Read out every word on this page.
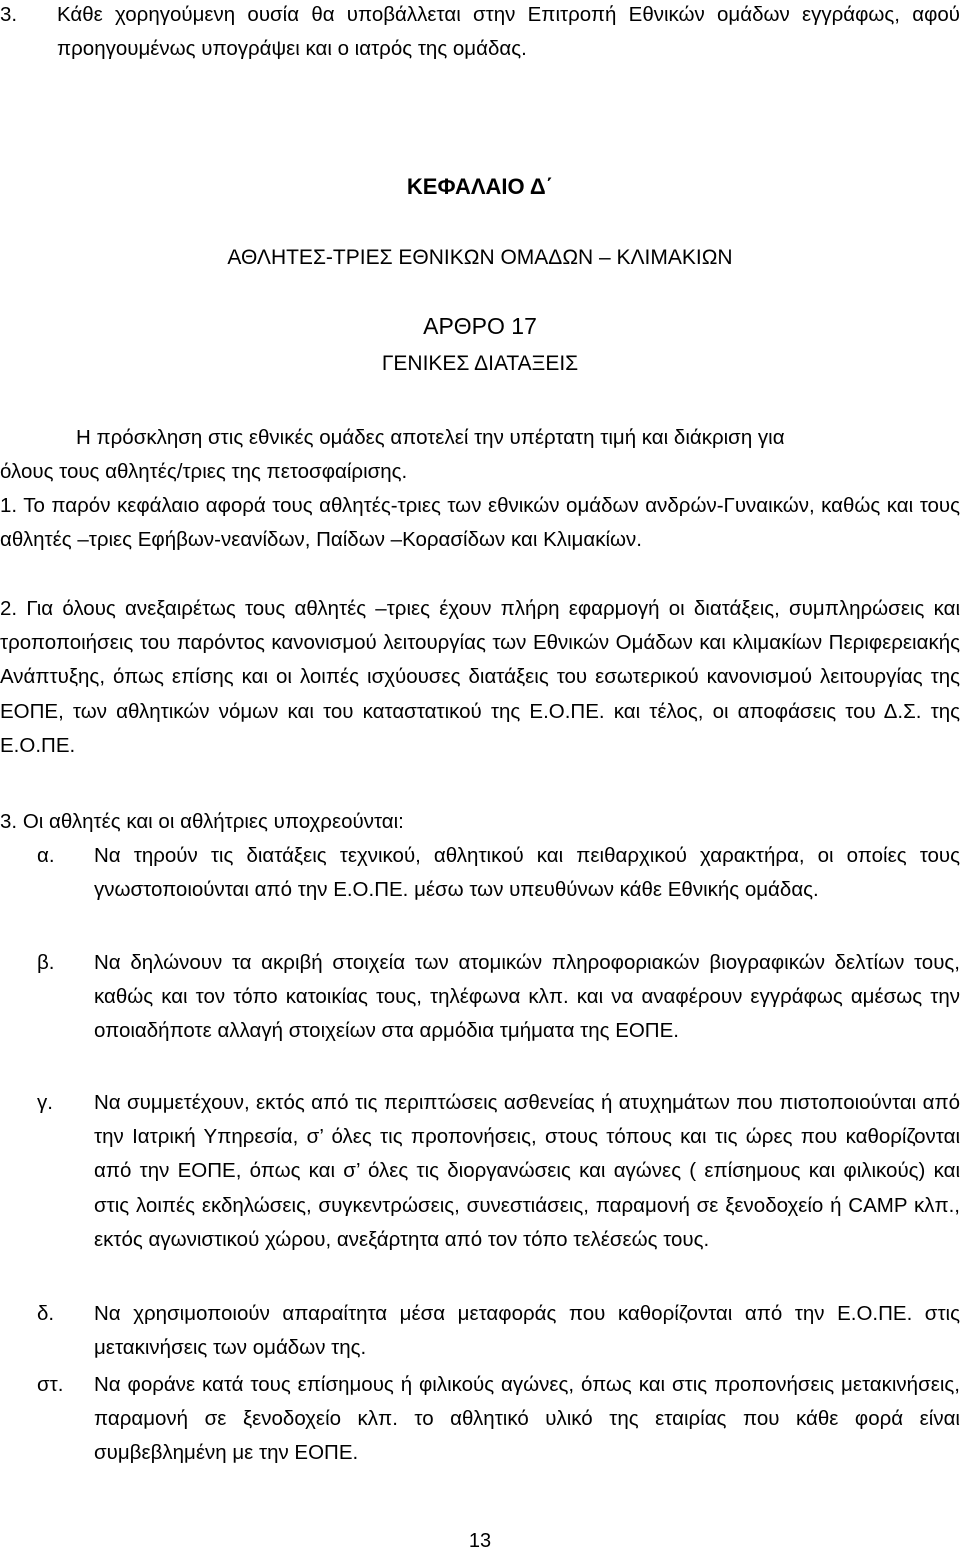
3. Κάθε χορηγούμενη ουσία θα υποβάλλεται στην Επιτροπή Εθνικών ομάδων εγγράφως, αφού προηγουμένως υπογράψει και ο ιατρός της ομάδας.

ΚΕΦΑΛΑΙΟ Δ΄
ΑΘΛΗΤΕΣ-ΤΡΙΕΣ ΕΘΝΙΚΩΝ ΟΜΑΔΩΝ – ΚΛΙΜΑΚΙΩΝ
ΑΡΘΡΟ 17
ΓΕΝΙΚΕΣ ΔΙΑΤΑΞΕΙΣ
Η πρόσκληση στις εθνικές ομάδες αποτελεί την υπέρτατη τιμή και διάκριση για
όλους τους αθλητές/τριες της πετοσφαίρισης.

1. Το παρόν κεφάλαιο αφορά τους αθλητές-τριες των εθνικών ομάδων ανδρών-Γυναικών, καθώς και τους αθλητές –τριες Εφήβων-νεανίδων, Παίδων –Κορασίδων και Κλιμακίων.

2. Για όλους ανεξαιρέτως τους αθλητές –τριες έχουν πλήρη εφαρμογή οι διατάξεις, συμπληρώσεις και τροποποιήσεις του παρόντος κανονισμού λειτουργίας των Εθνικών Ομάδων και κλιμακίων Περιφερειακής Ανάπτυξης, όπως επίσης και οι λοιπές ισχύουσες διατάξεις του εσωτερικού κανονισμού λειτουργίας της ΕΟΠΕ, των αθλητικών νόμων και του καταστατικού της Ε.Ο.ΠΕ. και τέλος, οι αποφάσεις του Δ.Σ. της Ε.Ο.ΠΕ.

3. Οι αθλητές και οι αθλήτριες υποχρεούνται:
α. Να τηρούν τις διατάξεις τεχνικού, αθλητικού και πειθαρχικού χαρακτήρα, οι οποίες τους γνωστοποιούνται από την Ε.Ο.ΠΕ. μέσω των υπευθύνων κάθε Εθνικής ομάδας.

β. Να δηλώνουν τα ακριβή στοιχεία των ατομικών πληροφοριακών βιογραφικών δελτίων τους, καθώς και τον τόπο κατοικίας τους, τηλέφωνα κλπ. και να αναφέρουν εγγράφως αμέσως την οποιαδήποτε αλλαγή στοιχείων στα αρμόδια τμήματα της ΕΟΠΕ.

γ. Να συμμετέχουν, εκτός από τις περιπτώσεις ασθενείας ή ατυχημάτων που πιστοποιούνται από την Ιατρική Υπηρεσία, σ’ όλες τις προπονήσεις, στους τόπους και τις ώρες που καθορίζονται από την ΕΟΠΕ, όπως και σ’ όλες τις διοργανώσεις και αγώνες ( επίσημους και φιλικούς) και στις λοιπές εκδηλώσεις, συγκεντρώσεις, συνεστιάσεις, παραμονή σε ξενοδοχείο ή CAMP κλπ., εκτός αγωνιστικού χώρου, ανεξάρτητα από τον τόπο τελέσεώς τους.

δ. Να χρησιμοποιούν απαραίτητα μέσα μεταφοράς που καθορίζονται από την Ε.Ο.ΠΕ. στις μετακινήσεις των ομάδων της.

στ. Να φοράνε κατά τους επίσημους ή φιλικούς αγώνες, όπως και στις προπονήσεις μετακινήσεις, παραμονή σε ξενοδοχείο κλπ. το αθλητικό υλικό της εταιρίας που κάθε φορά είναι συμβεβλημένη με την ΕΟΠΕ.

13
